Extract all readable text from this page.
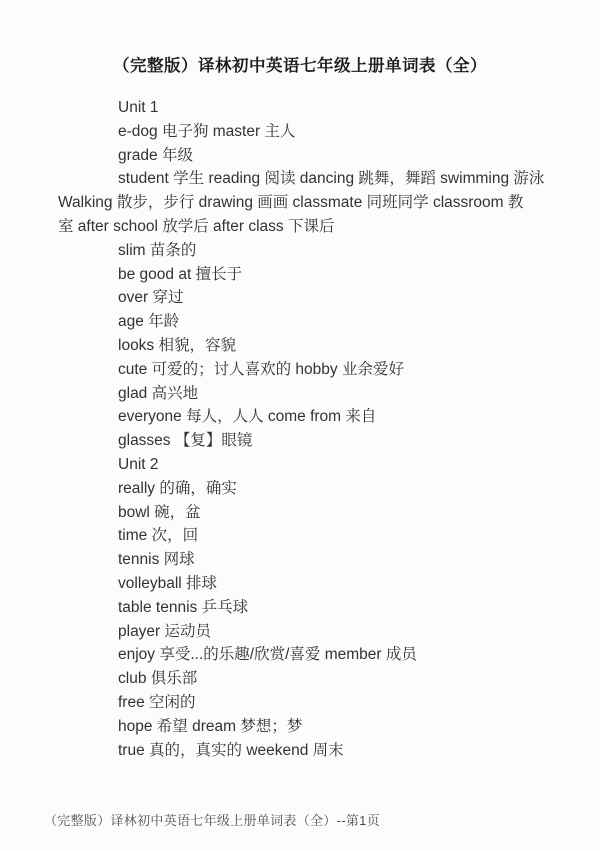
（完整版）译林初中英语七年级上册单词表（全）
Unit 1
e-dog 电子狗 master 主人
grade 年级
student 学生 reading 阅读 dancing 跳舞，舞蹈 swimming 游泳
Walking 散步，步行 drawing 画画 classmate 同班同学 classroom 教
室 after school 放学后 after class 下课后
slim 苗条的
be good at 擅长于
over 穿过
age 年龄
looks 相貌，容貌
cute 可爱的；讨人喜欢的 hobby 业余爱好
glad 高兴地
everyone 每人，人人 come from 来自
glasses 【复】眼镜
Unit 2
really 的确，确实
bowl 碗，盆
time 次，回
tennis 网球
volleyball 排球
table tennis 乒乓球
player 运动员
enjoy 享受...的乐趣/欣赏/喜爱 member 成员
club 俱乐部
free 空闲的
hope 希望 dream 梦想；梦
true 真的，真实的 weekend 周末
（完整版）译林初中英语七年级上册单词表（全）--第1页
